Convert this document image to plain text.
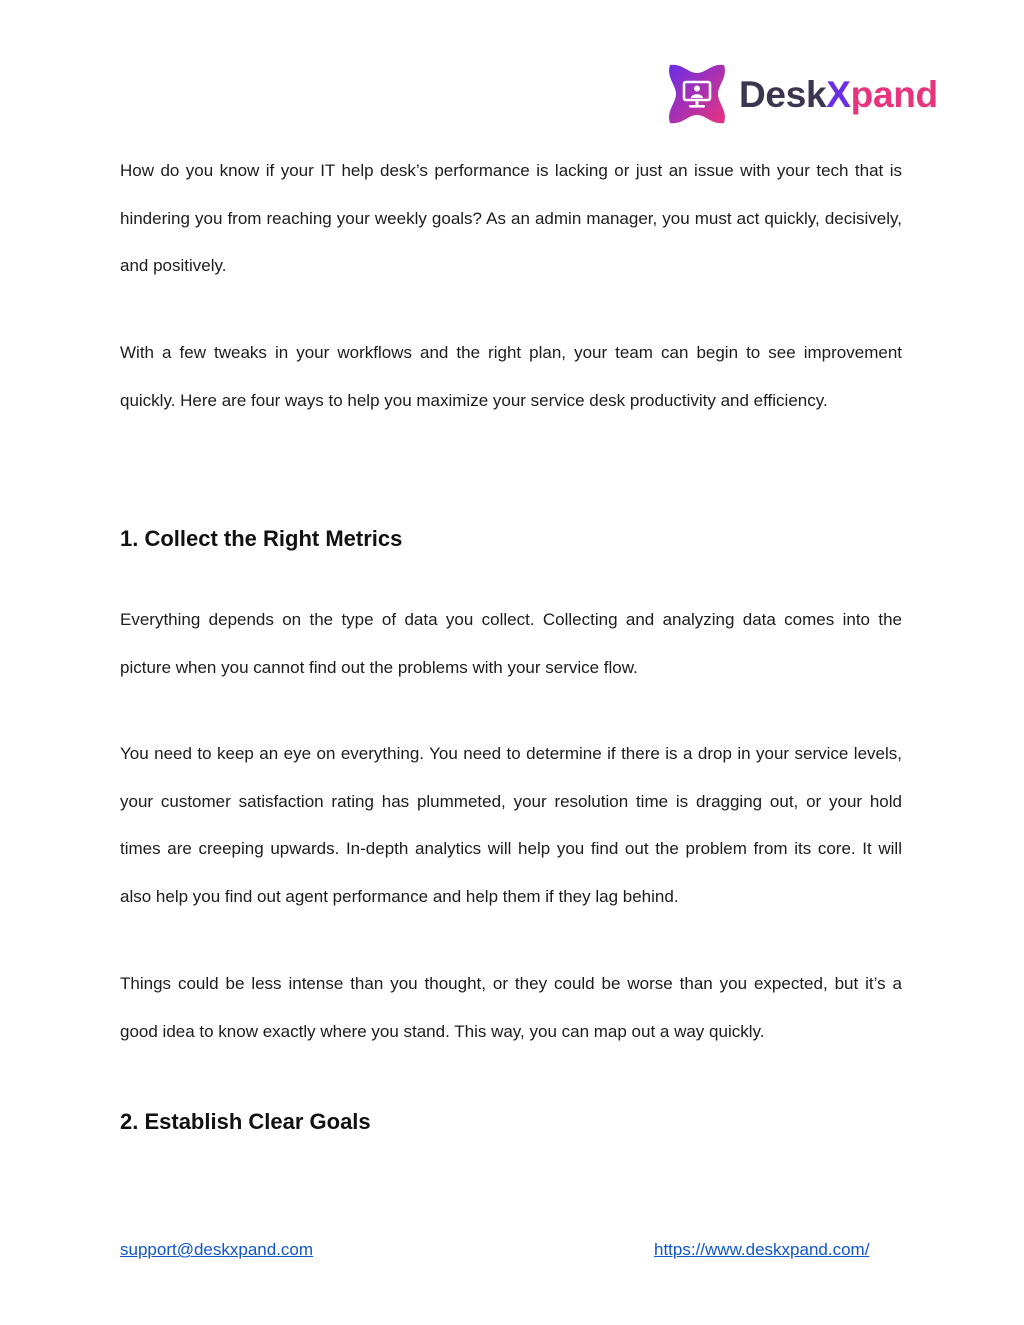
DeskXpand

How do you know if your IT help desk’s performance is lacking or just an issue with your tech that is hindering you from reaching your weekly goals? As an admin manager, you must act quickly, decisively, and positively.

With a few tweaks in your workflows and the right plan, your team can begin to see improvement quickly. Here are four ways to help you maximize your service desk productivity and efficiency.

1. Collect the Right Metrics

Everything depends on the type of data you collect. Collecting and analyzing data comes into the picture when you cannot find out the problems with your service flow.

You need to keep an eye on everything. You need to determine if there is a drop in your service levels, your customer satisfaction rating has plummeted, your resolution time is dragging out, or your hold times are creeping upwards. In-depth analytics will help you find out the problem from its core. It will also help you find out agent performance and help them if they lag behind.

Things could be less intense than you thought, or they could be worse than you expected, but it’s a good idea to know exactly where you stand. This way, you can map out a way quickly.

2. Establish Clear Goals
support@deskxpand.com	https://www.deskxpand.com/
